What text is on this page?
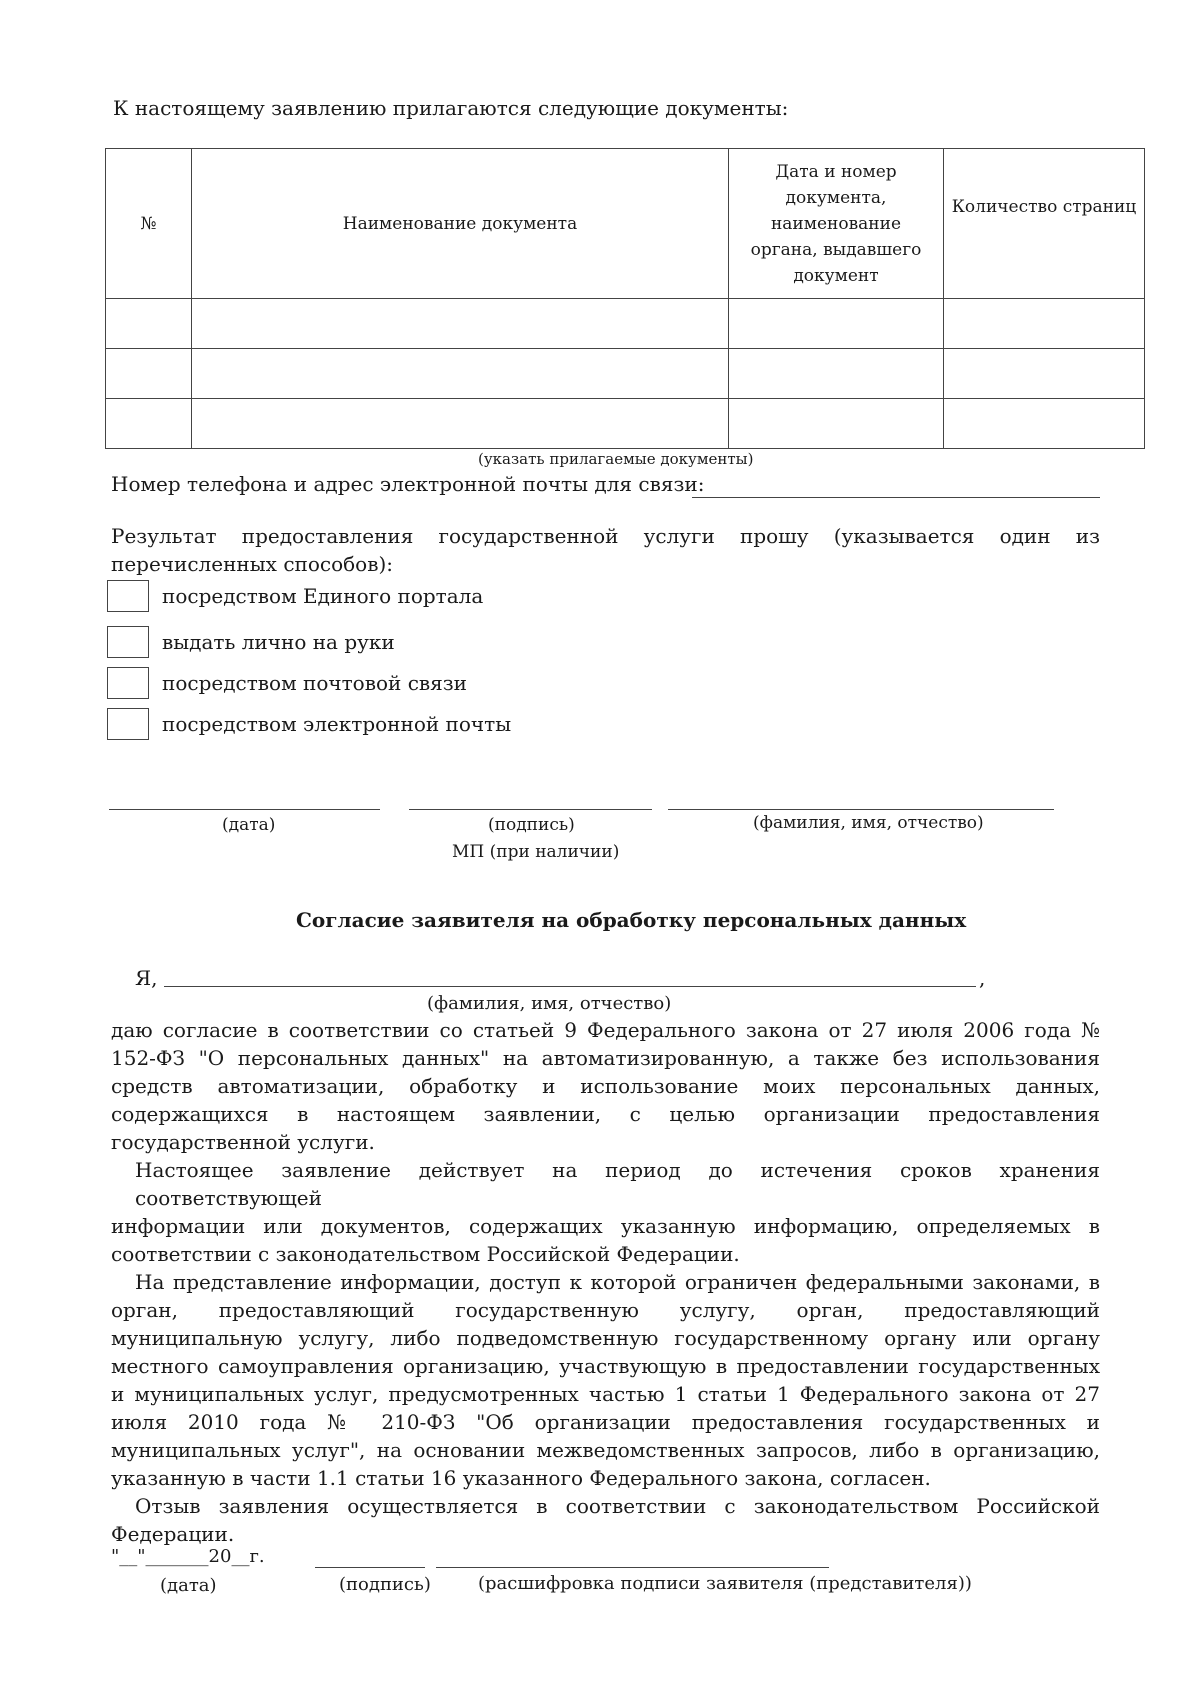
К настоящему заявлению прилагаются следующие документы:
№	Наименование документа	Дата и номер документа, наименование органа, выдавшего документ	Количество страниц

(указать прилагаемые документы)
Номер телефона и адрес электронной почты для связи:
Результат предоставления государственной услуги прошу (указывается один из
перечисленных способов):
посредством Единого портала
выдать лично на руки
посредством почтовой связи
посредством электронной почты
(дата)	(подпись)	(фамилия, имя, отчество)
МП (при наличии)
Согласие заявителя на обработку персональных данных
Я,	,
(фамилия, имя, отчество)

даю согласие в соответствии со статьей 9 Федерального закона от 27 июля 2006 года №

152-ФЗ "О персональных данных" на автоматизированную, а также без использования

средств автоматизации, обработку и использование моих персональных данных,

содержащихся в настоящем заявлении, с целью организации предоставления

государственной услуги.

Настоящее заявление действует на период до истечения сроков хранения соответствующей

информации или документов, содержащих указанную информацию, определяемых в

соответствии с законодательством Российской Федерации.

На представление информации, доступ к которой ограничен федеральными законами, в

орган, предоставляющий государственную услугу, орган, предоставляющий

муниципальную услугу, либо подведомственную государственному органу или органу

местного самоуправления организацию, участвующую в предоставлении государственных

и муниципальных услуг, предусмотренных частью 1 статьи 1 Федерального закона от 27

июля 2010 года № 210-ФЗ "Об организации предоставления государственных и

муниципальных услуг", на основании межведомственных запросов, либо в организацию,

указанную в части 1.1 статьи 16 указанного Федерального закона, согласен.

Отзыв заявления осуществляется в соответствии с законодательством Российской

Федерации.

"__"_______20__г.
(дата)	(подпись)	(расшифровка подписи заявителя (представителя))
